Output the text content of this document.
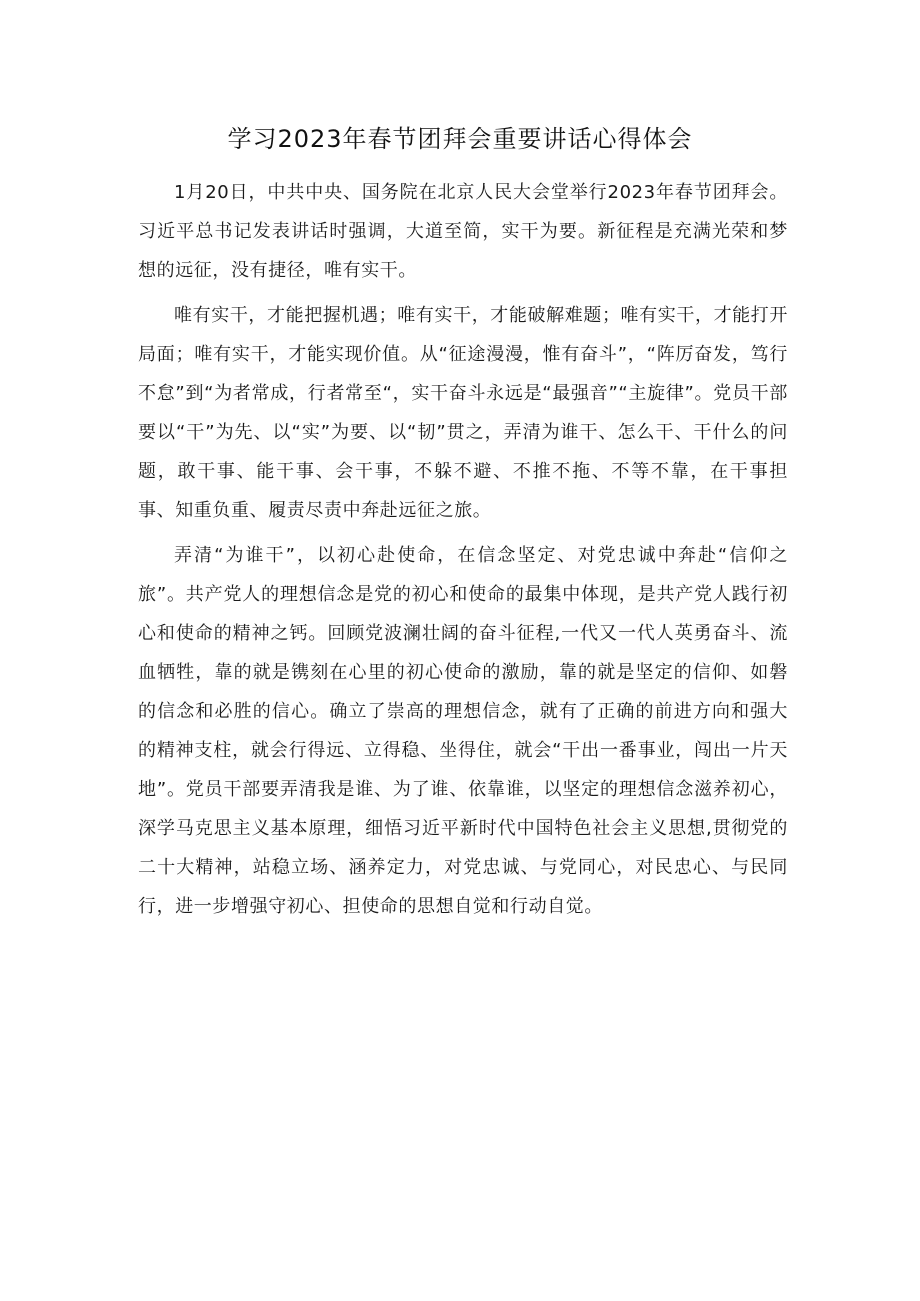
学习2023年春节团拜会重要讲话心得体会

1月20日，中共中央、国务院在北京人民大会堂举行2023年春节团拜会。习近平总书记发表讲话时强调，大道至简，实干为要。新征程是充满光荣和梦想的远征，没有捷径，唯有实干。

唯有实干，才能把握机遇；唯有实干，才能破解难题；唯有实干，才能打开局面；唯有实干，才能实现价值。从“征途漫漫，惟有奋斗”，“阵厉奋发，笃行不怠”到“为者常成，行者常至“，实干奋斗永远是“最强音”“主旋律”。党员干部要以“干”为先、以“实”为要、以“韧”贯之，弄清为谁干、怎么干、干什么的问题，敢干事、能干事、会干事，不躲不避、不推不拖、不等不靠，在干事担事、知重负重、履责尽责中奔赴远征之旅。

弄清“为谁干”，以初心赴使命，在信念坚定、对党忠诚中奔赴“信仰之旅”。共产党人的理想信念是党的初心和使命的最集中体现，是共产党人践行初心和使命的精神之钙。回顾党波澜壮阔的奋斗征程,一代又一代人英勇奋斗、流血牺牲，靠的就是镌刻在心里的初心使命的激励，靠的就是坚定的信仰、如磐的信念和必胜的信心。确立了崇高的理想信念，就有了正确的前进方向和强大的精神支柱，就会行得远、立得稳、坐得住，就会“干出一番事业，闯出一片天地”。党员干部要弄清我是谁、为了谁、依靠谁，以坚定的理想信念滋养初心，深学马克思主义基本原理，细悟习近平新时代中国特色社会主义思想,贯彻党的二十大精神，站稳立场、涵养定力，对党忠诚、与党同心，对民忠心、与民同行，进一步增强守初心、担使命的思想自觉和行动自觉。
